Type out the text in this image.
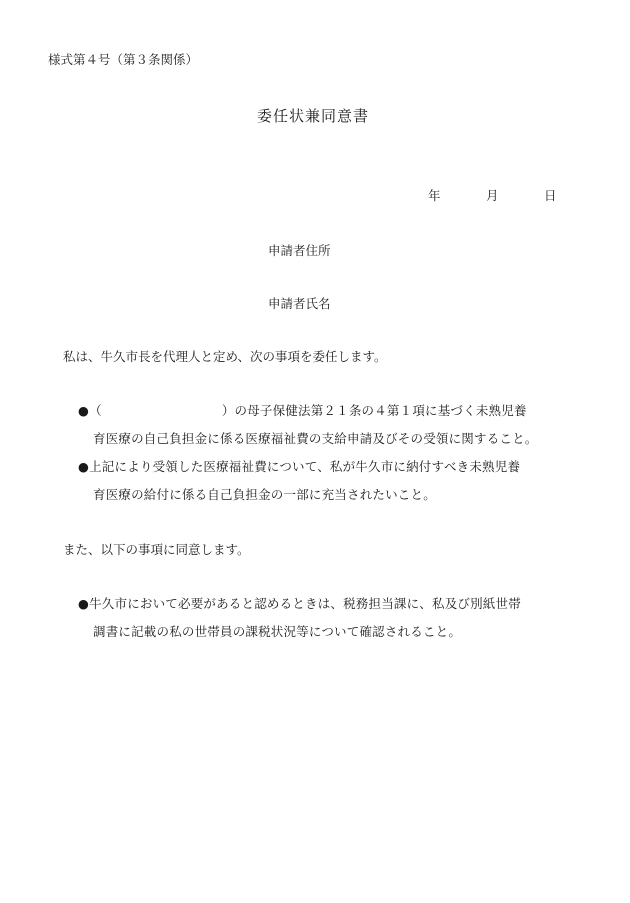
様式第４号（第３条関係）
委任状兼同意書
年	月	日
申請者住所
申請者氏名
私は、牛久市長を代理人と定め、次の事項を委任します。
●（	）の母子保健法第２１条の４第１項に基づく未熟児養
育医療の自己負担金に係る医療福祉費の支給申請及びその受領に関すること。
●上記により受領した医療福祉費について、私が牛久市に納付すべき未熟児養
育医療の給付に係る自己負担金の一部に充当されたいこと。
また、以下の事項に同意します。
●牛久市において必要があると認めるときは、税務担当課に、私及び別紙世帯
調書に記載の私の世帯員の課税状況等について確認されること。
